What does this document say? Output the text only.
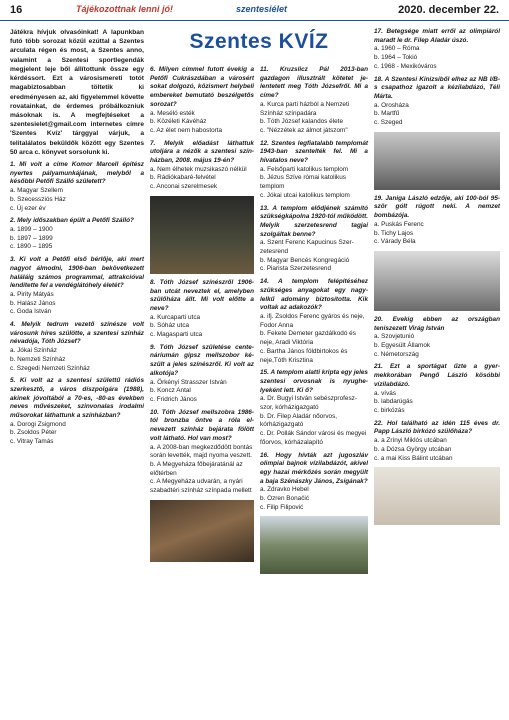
16	Tájékozottnak lenni jó!	szentesiélet	2020. december 22.
Szentes KVÍZ
Játékra hívjuk olvasóinkat! A lapunkban futó több sorozat közül ezúttal a Szentes arculata régen és most, a Szentes anno, valamint a Szentesi sportlegendák megjelent leje ből állítottunk össze egy kérdéssort. Ezt a városismereti totót magabiztosabban töltetik ki eredményesen az, aki figyelemmel követte rovatainkat, de érdemes próbálkozniuk másoknak is. A megfejtéseket a szentesielet@gmail.com internetes címre 'Szentes Kvíz' tárggyal várjuk, a telitalálatos beküldők között egy Szentes 50 arca c. könyvet sorsolunk ki.
1. Mi volt a címe Komor Marcell építész nyertes pályamunkájának, melyből a későbbi Petőfi Szálló született?
a. Magyar Szellem
b. Szecessziós Ház
c. Új ezer év
2. Mely időszakban épült a Petőfi Szálló?
a. 1899 – 1900
b. 1897 – 1899
c. 1890 – 1895
3. Ki volt a Petőfi első bérlője, aki mert nagyot álmodni, 1906-ban bekövetkezett haláláig számos programmal, attrakcióval lendítette fel a vendéglátóhely életét?
a. Pirity Mátyás
b. Halász János
c. Goda István
4. Melyik tedrum vezető színésze volt városunk híres szülötte, a szentesi színház névadója, Tóth József?
a. Jókai Színház
b. Nemzeti Színház
c. Szegedi Nemzeti Színház
5. Ki volt az a szentesi születtű rádiós szerkesztő, a város díszpolgára (1988), akinek jóvoltából a 70-es, -80-as években neves művészeket, szinvonalas irodalmi műsorokat láthattunk a színházban?
a. Dorogi Zsigmond
b. Zsoldos Péter
c. Vitray Tamás
6. Milyen címmel futott évekig a Petőfi Cukrászdában a városért sokat dolgozó, közismert helybeli embereket bemutató beszélgetős sorozat?
a. Meséló esték
b. Közéleti Kávéház
c. Az élet nem habostorta
7. Melyik előadást láthattuk utoljára a nézők a szentesi színházban, 2008. május 19-én?
a. Nem élhetek muzsikaszó nélkül
b. Rádiókabaré-felvétel
c. Anconai szerelmesek
8. Tóth József színészről 1906-ban utcát neveztek el, amelyben szülőháza állt. Mi volt előtte a neve?
a. Kurcaparti utca
b. Sóház utca
c. Magasparti utca
9. Tóth József születése centenáriumán gipsz mellszobor készült a jeles színészről. Ki volt az alkotója?
a. Örkényi Strasszer István
b. Koncz Antal
c. Fridrich János
10. Tóth József mellszobra 1986-tól bronzba öntve a róla elnevezett színház bejárata fölött volt látható. Hol van most?
a. A 2008-ban megkezdődött bontás során levették, majd nyoma veszett.
b. A Megyeháza főbejáratánál az előtérben
c. A Megyeháza udvarán, a nyári szabadtéri színház színpada mellett
11. Kruzslicz Pál 2013-ban gazdagon illusztrált kötetet jelentetett meg Tóth Józsefről. Mi a címe?
a. Kurca parti házból a Nemzeti Színház színpadára
b. Tóth József kalandos élete
c. "Nézzétek az álmot játszom"
12. Szentes legfiatalabb templomát 1943-ban szentelték fel. Mi a hivatalos neve?
a. Felsőparti katolikus templom
b. Jézus Szíve római katolikus templom
c. Jókai utcai katolikus templom
13. A templom elődjének számító szükségkápolna 1920-tól működött. Melyik szerzetesrend tagjai szolgáltak benne?
a. Szent Ferenc Kapucinus Szerzetesrend
b. Magyar Bencés Kongregáció
c. Piarista Szerzetesrend
14. A templom felépítéséhez szükséges anyagokat egy nagylelkű adomány biztosította. Kik voltak az adakozók?
a. ifj. Zsoldos Ferenc gyáros és neje, Fodor Anna
b. Fekete Demeter gazdálkodó és neje, Aradi Viktória
c. Bartha János földbirtokos és neje,Tóth Krisztina
15. A templom alatti kripta egy jeles szentesi orvosnak is nyughelyeként lett. Ki ő?
a. Dr. Bugyi István sebészprofeszszor, kórházigazgató
b. Dr. Filep Aladár nőorvos, kórházigazgató
c. Dr. Pollák Sándor városi és megyei főorvos, kórházalapító
16. Hogy hívták azt jugoszláv olimpiai bajnok vízilabdázót, akivel egy hazai mérkőzés során megyült a baja Szénászky János, Zsigának?
a. Zdravko Hebel
b. Ozren Bonačić
c. Filip Filipović
17. Betegsége miatt erről az olimpiáról maradt le dr. Filep Aladár úszó.
a. 1960 – Róma
b. 1964 – Tokió
c. 1968 - Mexikóváros
18. A Szentesi Kinizsiből elhez az NB I/B-s csapathoz igazolt a kézilabdázó, Téli Márta.
a. Orosháza
b. Martfű
c. Szeged
19. Janiga László edzője, aki 100-ból 95-ször gólt rúgott neki. A nemzet bombázója.
a. Puskás Ferenc
b. Tichy Lajos
c. Várady Béla
20. Evekig ebben az országban teniszezett Virág István
a. Szovjetunió
b. Egyesült Államok
c. Németország
21. Ezt a sportágat űzte a gyermekkorában Pengő László kösóbbi vízilabdázó.
a. vívás
b. labdarúgás
c. birkózás
22. Hol található az idén 115 éves dr. Papp László birkózó szülőháza?
a. a Zrínyi Miklós utcában
b. a Dózsa György utcában
c. a mai Kiss Bálint utcában
